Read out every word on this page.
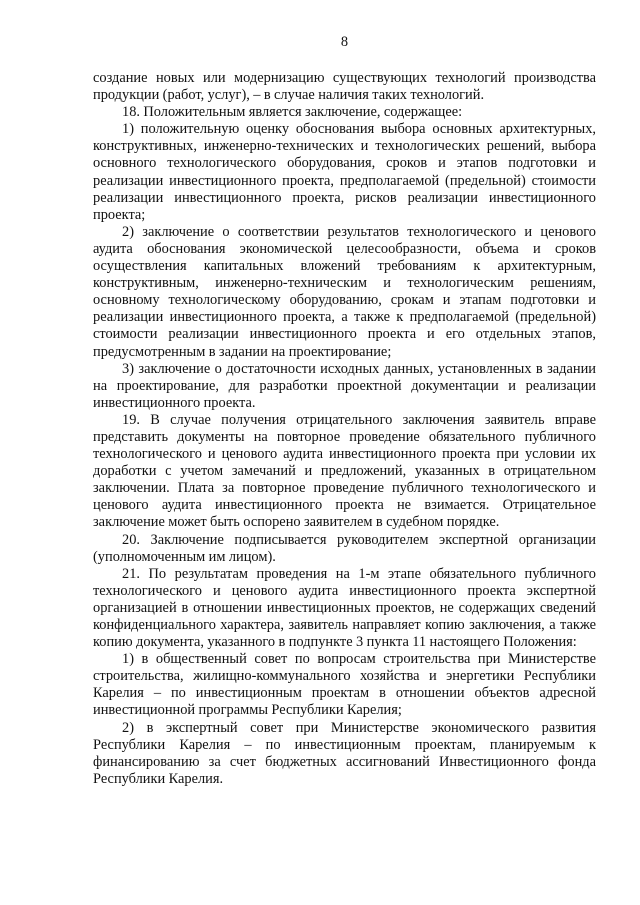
8

создание новых или модернизацию существующих технологий производства продукции (работ, услуг), – в случае наличия таких технологий.

18. Положительным является заключение, содержащее:

1) положительную оценку обоснования выбора основных архитектурных, конструктивных, инженерно-технических и технологических решений, выбора основного технологического оборудования, сроков и этапов подготовки и реализации инвестиционного проекта, предполагаемой (предельной) стоимости реализации инвестиционного проекта, рисков реализации инвестиционного проекта;

2) заключение о соответствии результатов технологического и ценового аудита обоснования экономической целесообразности, объема и сроков осуществления капитальных вложений требованиям к архитектурным, конструктивным, инженерно-техническим и технологическим решениям, основному технологическому оборудованию, срокам и этапам подготовки и реализации инвестиционного проекта, а также к предполагаемой (предельной) стоимости реализации инвестиционного проекта и его отдельных этапов, предусмотренным в задании на проектирование;

3) заключение о достаточности исходных данных, установленных в задании на проектирование, для разработки проектной документации и реализации инвестиционного проекта.

19. В случае получения отрицательного заключения заявитель вправе представить документы на повторное проведение обязательного публичного технологического и ценового аудита инвестиционного проекта при условии их доработки с учетом замечаний и предложений, указанных в отрицательном заключении. Плата за повторное проведение публичного технологического и ценового аудита инвестиционного проекта не взимается. Отрицательное заключение может быть оспорено заявителем в судебном порядке.

20. Заключение подписывается руководителем экспертной организации (уполномоченным им лицом).

21. По результатам проведения на 1-м этапе обязательного публичного технологического и ценового аудита инвестиционного проекта экспертной организацией в отношении инвестиционных проектов, не содержащих сведений конфиденциального характера, заявитель направляет копию заключения, а также копию документа, указанного в подпункте 3 пункта 11 настоящего Положения:

1) в общественный совет по вопросам строительства при Министерстве строительства, жилищно-коммунального хозяйства и энергетики Республики Карелия – по инвестиционным проектам в отношении объектов адресной инвестиционной программы Республики Карелия;

2) в экспертный совет при Министерстве экономического развития Республики Карелия – по инвестиционным проектам, планируемым к финансированию за счет бюджетных ассигнований Инвестиционного фонда Республики Карелия.
